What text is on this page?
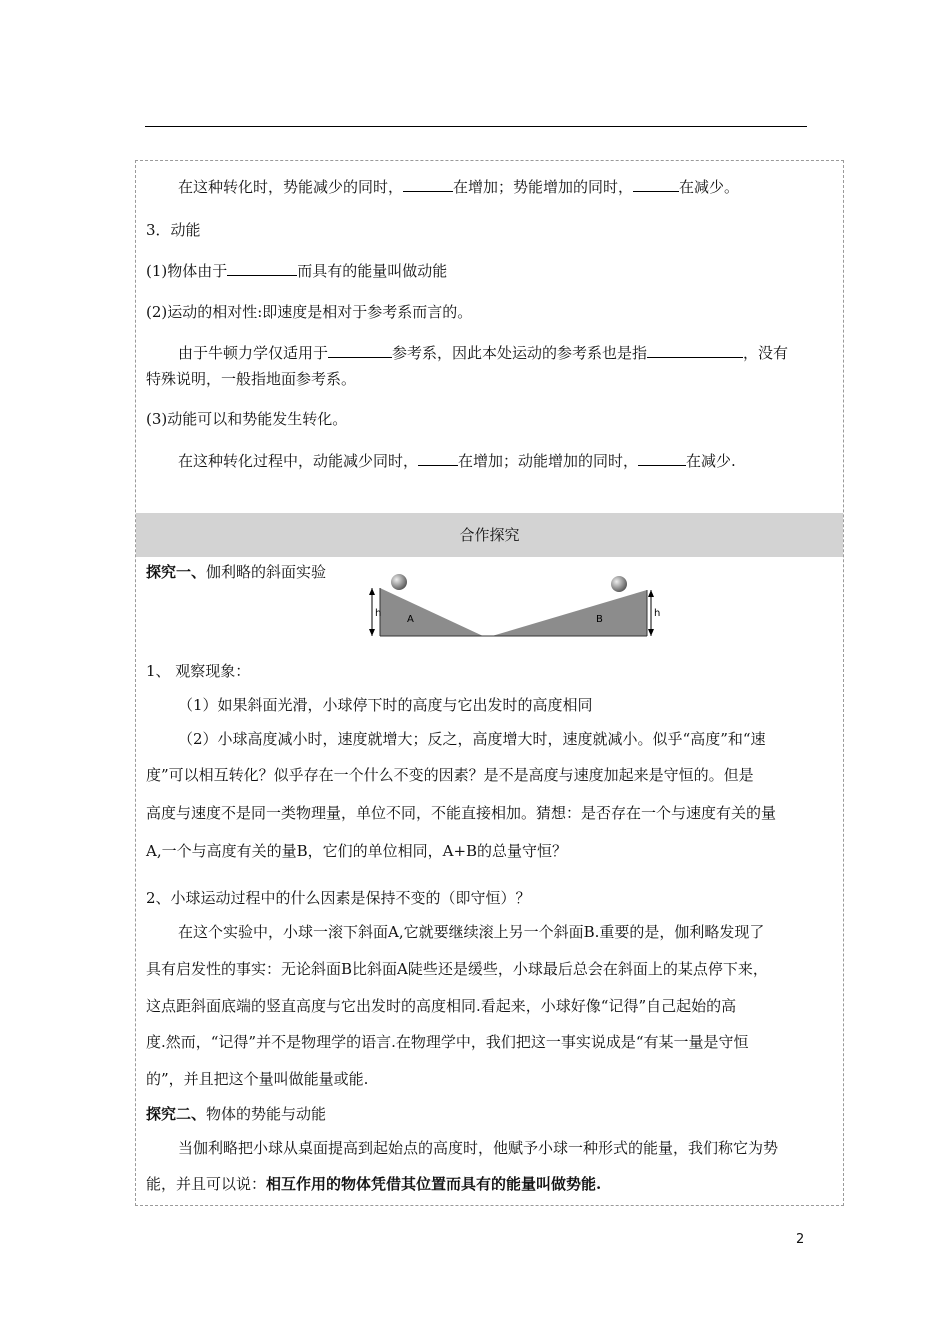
在这种转化时，势能减少的同时，	在增加；势能增加的同时，	在减少。
3．动能
(1)物体由于	而具有的能量叫做动能
(2)运动的相对性:即速度是相对于参考系而言的。
由于牛顿力学仅适用于	参考系，因此本处运动的参考系也是指	，没有
特殊说明，一般指地面参考系。
(3)动能可以和势能发生转化。
在这种转化过程中，动能减少同时，	在增加；动能增加的同时，	在减少.
合作探究
探究一、伽利略的斜面实验
h	h
A	B
1、 观察现象：
（1）如果斜面光滑，小球停下时的高度与它出发时的高度相同
（2）小球高度减小时，速度就增大；反之，高度增大时，速度就减小。似乎“高度”和“速
度”可以相互转化？似乎存在一个什么不变的因素？是不是高度与速度加起来是守恒的。但是
高度与速度不是同一类物理量，单位不同，不能直接相加。猜想：是否存在一个与速度有关的量
A,一个与高度有关的量B，它们的单位相同，A+B的总量守恒？
2、小球运动过程中的什么因素是保持不变的（即守恒）？
在这个实验中，小球一滚下斜面A,它就要继续滚上另一个斜面B.重要的是，伽利略发现了
具有启发性的事实：无论斜面B比斜面A陡些还是缓些，小球最后总会在斜面上的某点停下来，
这点距斜面底端的竖直高度与它出发时的高度相同.看起来，小球好像“记得”自己起始的高
度.然而，“记得”并不是物理学的语言.在物理学中，我们把这一事实说成是“有某一量是守恒
的”，并且把这个量叫做能量或能.
探究二、物体的势能与动能
当伽利略把小球从桌面提高到起始点的高度时，他赋予小球一种形式的能量，我们称它为势
能，并且可以说：相互作用的物体凭借其位置而具有的能量叫做势能.
2
